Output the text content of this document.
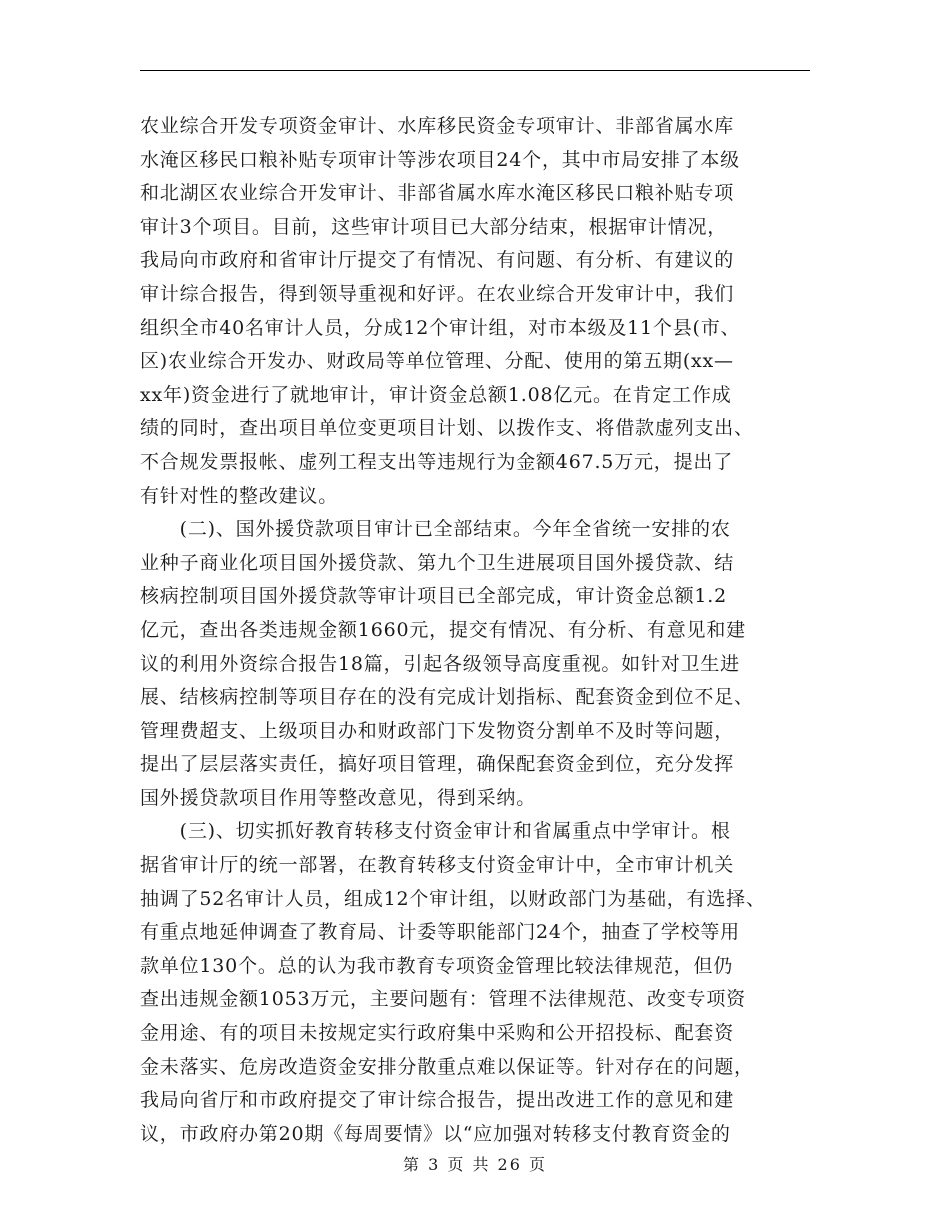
农业综合开发专项资金审计、水库移民资金专项审计、非部省属水库
水淹区移民口粮补贴专项审计等涉农项目24个，其中市局安排了本级
和北湖区农业综合开发审计、非部省属水库水淹区移民口粮补贴专项
审计3个项目。目前，这些审计项目已大部分结束，根据审计情况，
我局向市政府和省审计厅提交了有情况、有问题、有分析、有建议的
审计综合报告，得到领导重视和好评。在农业综合开发审计中，我们
组织全市40名审计人员，分成12个审计组，对市本级及11个县(市、
区)农业综合开发办、财政局等单位管理、分配、使用的第五期(xx—
xx年)资金进行了就地审计，审计资金总额1.08亿元。在肯定工作成
绩的同时，查出项目单位变更项目计划、以拨作支、将借款虚列支出、
不合规发票报帐、虚列工程支出等违规行为金额467.5万元，提出了
有针对性的整改建议。
　　(二)、国外援贷款项目审计已全部结束。今年全省统一安排的农
业种子商业化项目国外援贷款、第九个卫生进展项目国外援贷款、结
核病控制项目国外援贷款等审计项目已全部完成，审计资金总额1.2
亿元，查出各类违规金额1660元，提交有情况、有分析、有意见和建
议的利用外资综合报告18篇，引起各级领导高度重视。如针对卫生进
展、结核病控制等项目存在的没有完成计划指标、配套资金到位不足、
管理费超支、上级项目办和财政部门下发物资分割单不及时等问题，
提出了层层落实责任，搞好项目管理，确保配套资金到位，充分发挥
国外援贷款项目作用等整改意见，得到采纳。
　　(三)、切实抓好教育转移支付资金审计和省属重点中学审计。根
据省审计厅的统一部署，在教育转移支付资金审计中，全市审计机关
抽调了52名审计人员，组成12个审计组，以财政部门为基础，有选择、
有重点地延伸调查了教育局、计委等职能部门24个，抽查了学校等用
款单位130个。总的认为我市教育专项资金管理比较法律规范，但仍
查出违规金额1053万元，主要问题有：管理不法律规范、改变专项资
金用途、有的项目未按规定实行政府集中采购和公开招投标、配套资
金未落实、危房改造资金安排分散重点难以保证等。针对存在的问题，
我局向省厅和市政府提交了审计综合报告，提出改进工作的意见和建
议，市政府办第20期《每周要情》以“应加强对转移支付教育资金的
第 3 页 共 26 页
